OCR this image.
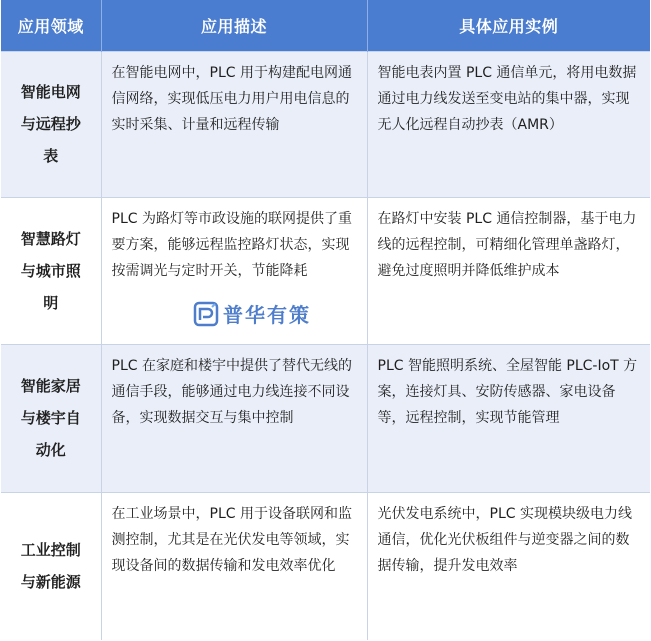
应用领域	应用描述	具体应用实例
智能电网与远程抄表	在智能电网中，PLC 用于构建配电网通信网络，实现低压电力用户用电信息的实时采集、计量和远程传输	智能电表内置 PLC 通信单元，将用电数据通过电力线发送至变电站的集中器，实现无人化远程自动抄表（AMR）
智慧路灯与城市照明	PLC 为路灯等市政设施的联网提供了重要方案，能够远程监控路灯状态，实现按需调光与定时开关，节能降耗	在路灯中安装 PLC 通信控制器，基于电力线的远程控制，可精细化管理单盏路灯，避免过度照明并降低维护成本
智能家居与楼宇自动化	PLC 在家庭和楼宇中提供了替代无线的通信手段，能够通过电力线连接不同设备，实现数据交互与集中控制	PLC 智能照明系统、全屋智能 PLC-IoT 方案，连接灯具、安防传感器、家电设备等，远程控制，实现节能管理
工业控制与新能源	在工业场景中，PLC 用于设备联网和监测控制，尤其是在光伏发电等领域，实现设备间的数据传输和发电效率优化	光伏发电系统中，PLC 实现模块级电力线通信，优化光伏板组件与逆变器之间的数据传输，提升发电效率
普华有策
